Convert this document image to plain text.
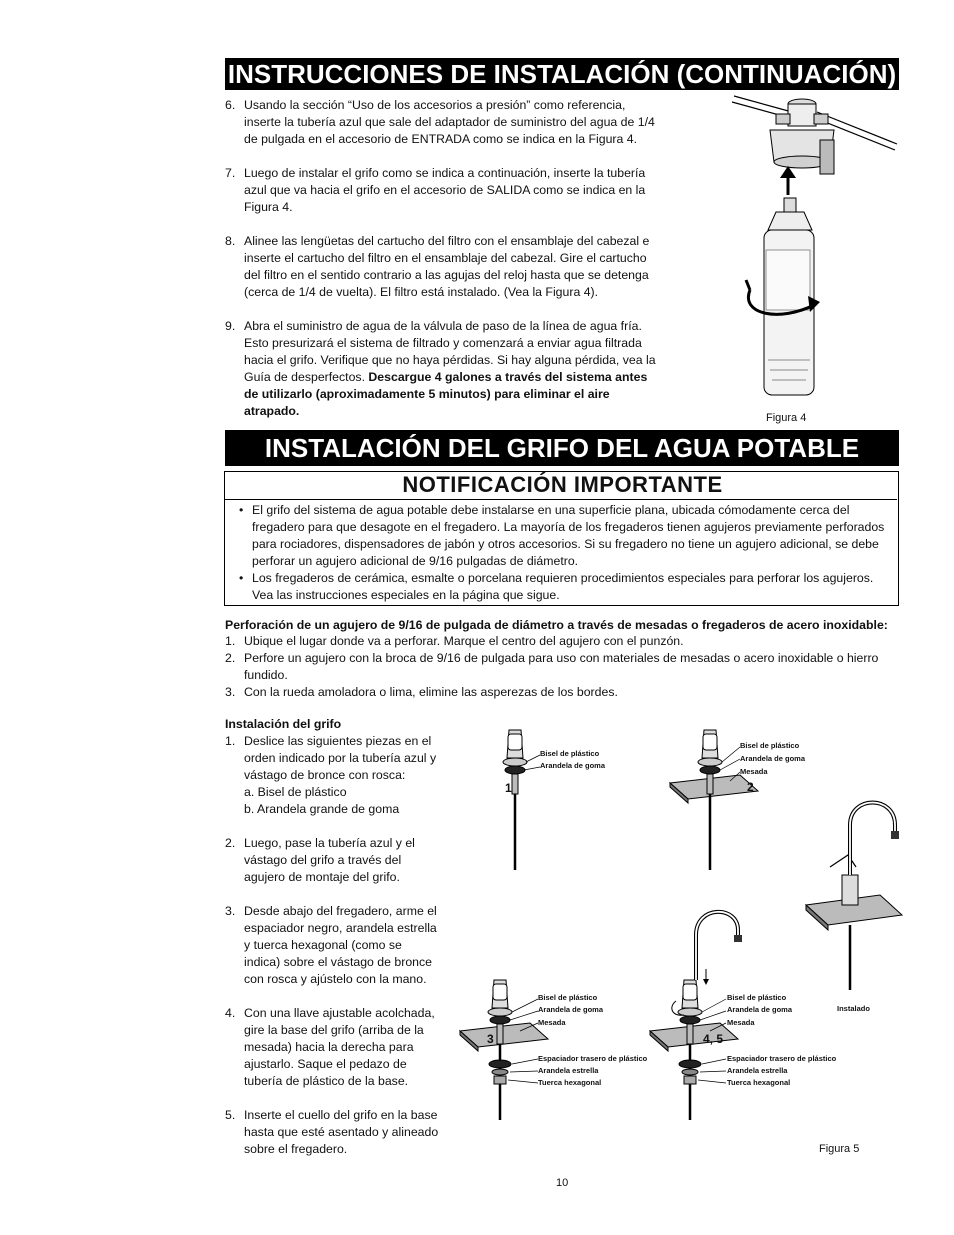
INSTRUCCIONES DE INSTALACIÓN (CONTINUACIÓN)
6. Usando la sección “Uso de los accesorios a presión” como referencia, inserte la tubería azul que sale del adaptador de suministro del agua de 1/4 de pulgada en el accesorio de ENTRADA como se indica en la Figura 4.
7. Luego de instalar el grifo como se indica a continuación, inserte la tubería azul que va hacia el grifo en el accesorio de SALIDA como se indica en la Figura 4.
8. Alinee las lengüetas del cartucho del filtro con el ensamblaje del cabezal e inserte el cartucho del filtro en el ensamblaje del cabezal. Gire el cartucho del filtro en el sentido contrario a las agujas del reloj hasta que se detenga (cerca de 1/4 de vuelta). El filtro está instalado. (Vea la Figura 4).
9. Abra el suministro de agua de la válvula de paso de la línea de agua fría. Esto presurizará el sistema de filtrado y comenzará a enviar agua filtrada hacia el grifo. Verifique que no haya pérdidas. Si hay alguna pérdida, vea la Guía de desperfectos. Descargue 4 galones a través del sistema antes de utilizarlo (aproximadamente 5 minutos) para eliminar el aire atrapado.	Figura 4
INSTALACIÓN DEL GRIFO DEL AGUA POTABLE
NOTIFICACIÓN IMPORTANTE
• El grifo del sistema de agua potable debe instalarse en una superficie plana, ubicada cómodamente cerca del fregadero para que desagote en el fregadero. La mayoría de los fregaderos tienen agujeros previamente perforados para rociadores, dispensadores de jabón y otros accesorios. Si su fregadero no tiene un agujero adicional, se debe perforar un agujero adicional de 9/16 pulgadas de diámetro.
• Los fregaderos de cerámica, esmalte o porcelana requieren procedimientos especiales para perforar los agujeros. Vea las instrucciones especiales en la página que sigue.
Perforación de un agujero de 9/16 de pulgada de diámetro a través de mesadas o fregaderos de acero inoxidable:
1. Ubique el lugar donde va a perforar. Marque el centro del agujero con el punzón.
2. Perfore un agujero con la broca de 9/16 de pulgada para uso con materiales de mesadas o acero inoxidable o hierro fundido.
3. Con la rueda amoladora o lima, elimine las asperezas de los bordes.
Instalación del grifo
1. Deslice las siguientes piezas en el orden indicado por la tubería azul y vástago de bronce con rosca:
a. Bisel de plástico
b. Arandela grande de goma
2. Luego, pase la tubería azul y el vástago del grifo a través del agujero de montaje del grifo.
3. Desde abajo del fregadero, arme el espaciador negro, arandela estrella y tuerca hexagonal (como se indica) sobre el vástago de bronce con rosca y ajústelo con la mano.
4. Con una llave ajustable acolchada, gire la base del grifo (arriba de la mesada) hacia la derecha para ajustarlo. Saque el pedazo de tubería de plástico de la base.
5. Inserte el cuello del grifo en la base hasta que esté asentado y alineado sobre el fregadero.
Bisel de plástico
Arandela de goma
1
Bisel de plástico
Arandela de goma
Mesada
2
Instalado
Bisel de plástico
Arandela de goma
Mesada
3
Espaciador trasero de plástico
Arandela estrella
Tuerca hexagonal
Bisel de plástico
Arandela de goma
Mesada
4, 5
Espaciador trasero de plástico
Arandela estrella
Tuerca hexagonal
Figura 5
10
